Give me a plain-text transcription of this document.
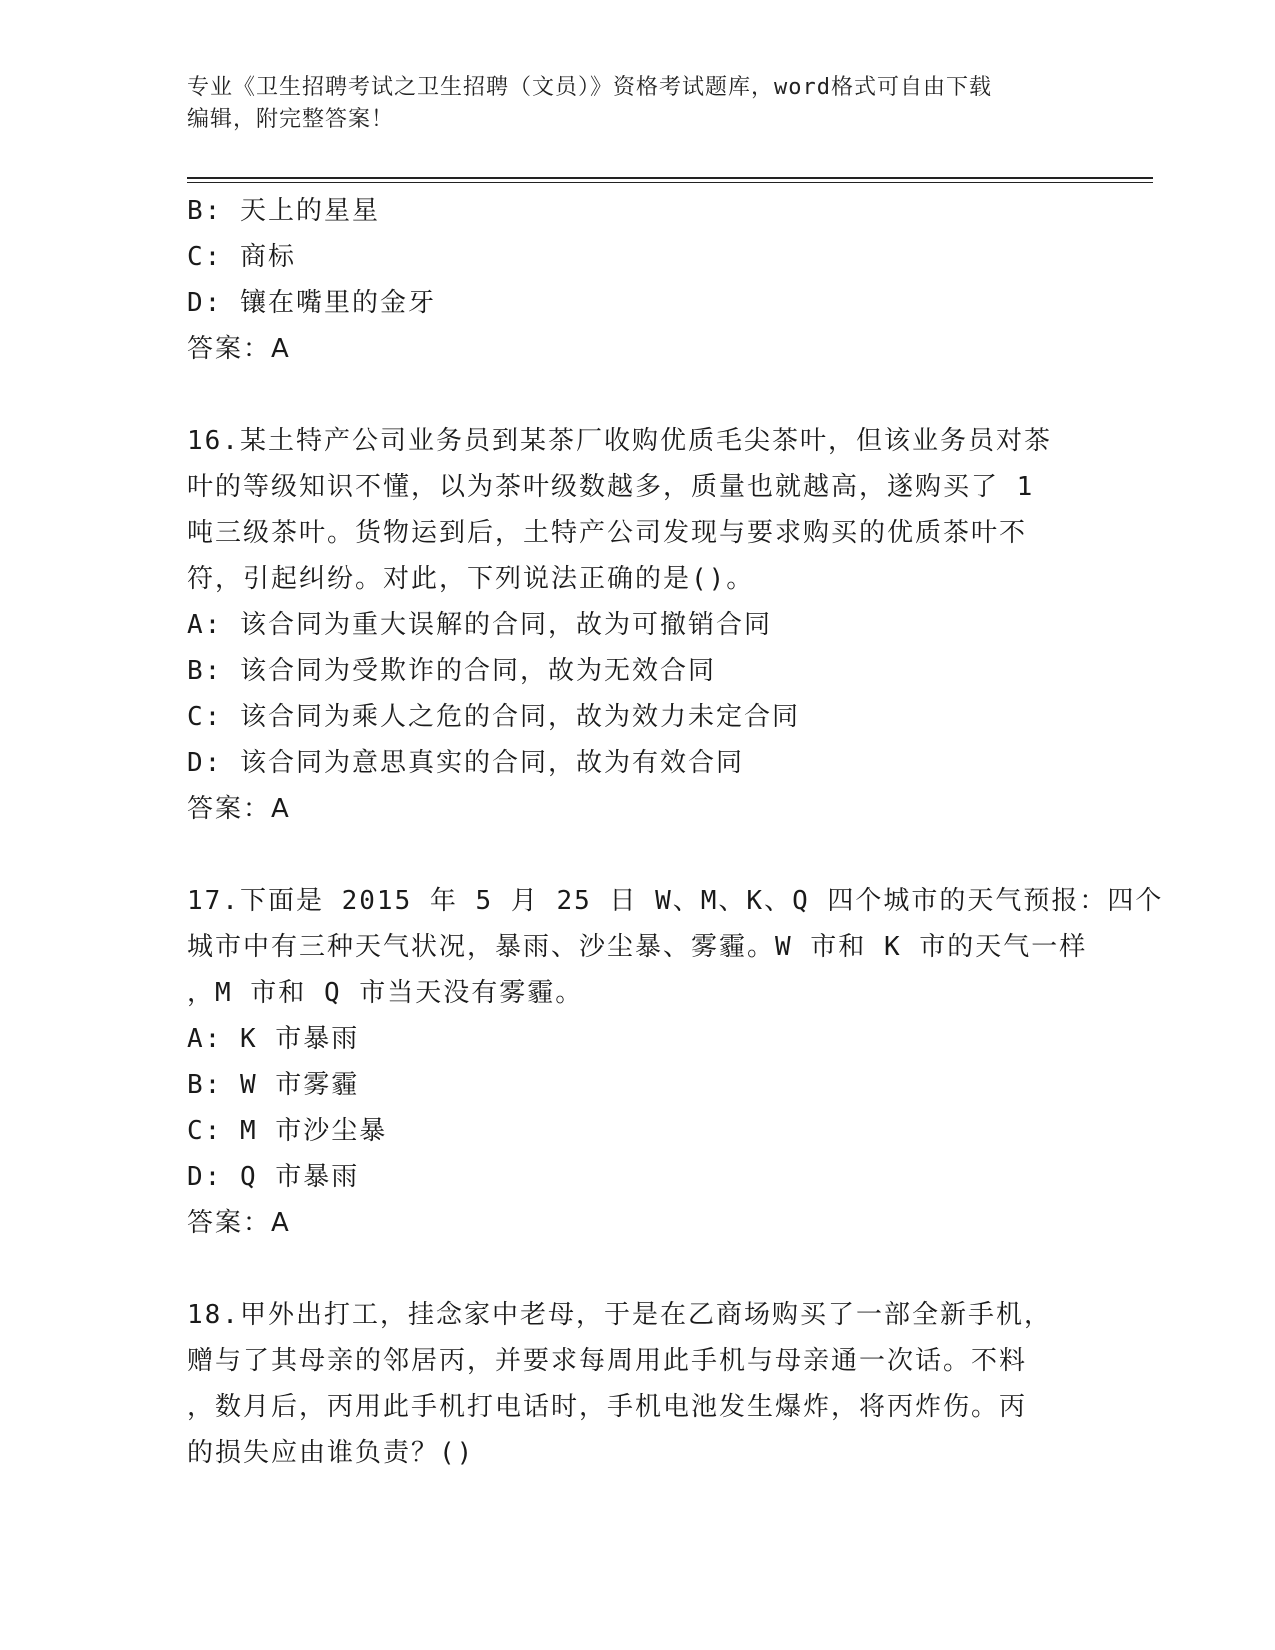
专业《卫生招聘考试之卫生招聘（文员）》资格考试题库，word格式可自由下载
编辑，附完整答案！
B: 天上的星星
C: 商标
D: 镶在嘴里的金牙
答案：A
16.某土特产公司业务员到某茶厂收购优质毛尖茶叶，但该业务员对茶
叶的等级知识不懂，以为茶叶级数越多，质量也就越高，遂购买了 1
吨三级茶叶。货物运到后，土特产公司发现与要求购买的优质茶叶不
符，引起纠纷。对此，下列说法正确的是()。
A: 该合同为重大误解的合同，故为可撤销合同
B: 该合同为受欺诈的合同，故为无效合同
C: 该合同为乘人之危的合同，故为效力未定合同
D: 该合同为意思真实的合同，故为有效合同
答案：A
17.下面是 2015 年 5 月 25 日 W、M、K、Q 四个城市的天气预报：四个
城市中有三种天气状况，暴雨、沙尘暴、雾霾。W 市和 K 市的天气一样
，M 市和 Q 市当天没有雾霾。
A: K 市暴雨
B: W 市雾霾
C: M 市沙尘暴
D: Q 市暴雨
答案：A
18.甲外出打工，挂念家中老母，于是在乙商场购买了一部全新手机，
赠与了其母亲的邻居丙，并要求每周用此手机与母亲通一次话。不料
，数月后，丙用此手机打电话时，手机电池发生爆炸，将丙炸伤。丙
的损失应由谁负责？()
